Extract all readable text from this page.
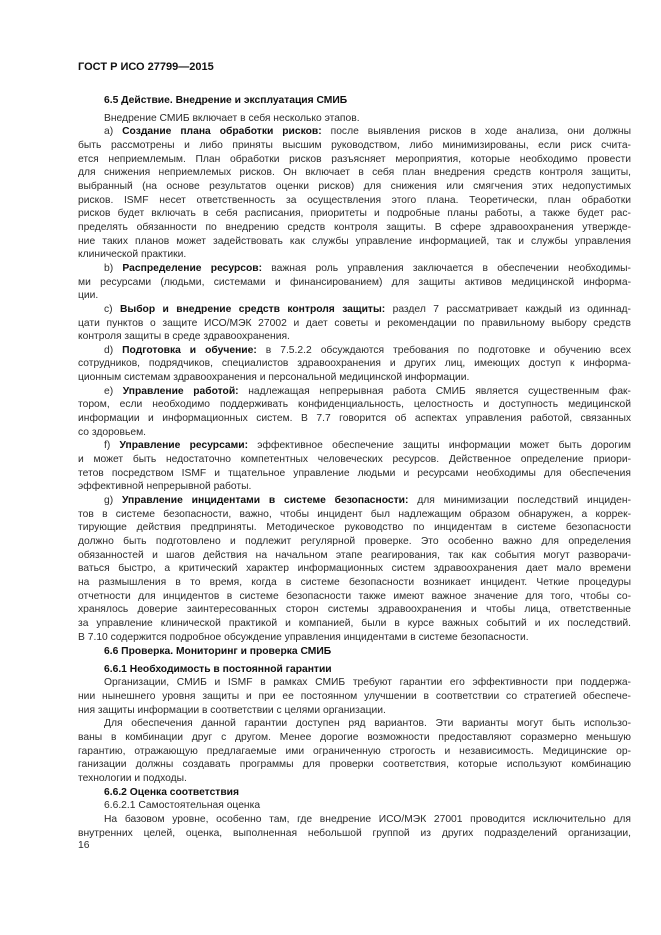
ГОСТ Р ИСО 27799—2015
6.5 Действие. Внедрение и эксплуатация СМИБ
Внедрение СМИБ включает в себя несколько этапов.
a) Создание плана обработки рисков: после выявления рисков в ходе анализа, они должны
быть рассмотрены и либо приняты высшим руководством, либо минимизированы, если риск счита-
ется неприемлемым. План обработки рисков разъясняет мероприятия, которые необходимо провести
для снижения неприемлемых рисков. Он включает в себя план внедрения средств контроля защиты,
выбранный (на основе результатов оценки рисков) для снижения или смягчения этих недопустимых
рисков. ISMF несет ответственность за осуществления этого плана. Теоретически, план обработки
рисков будет включать в себя расписания, приоритеты и подробные планы работы, а также будет рас-
пределять обязанности по внедрению средств контроля защиты. В сфере здравоохранения утвержде-
ние таких планов может задействовать как службы управление информацией, так и службы управления
клинической практики.
b) Распределение ресурсов: важная роль управления заключается в обеспечении необходимы-
ми ресурсами (людьми, системами и финансированием) для защиты активов медицинской информа-
ции.
c) Выбор и внедрение средств контроля защиты: раздел 7 рассматривает каждый из одиннад-
цати пунктов о защите ИСО/МЭК 27002 и дает советы и рекомендации по правильному выбору средств
контроля защиты в среде здравоохранения.
d) Подготовка и обучение: в 7.5.2.2 обсуждаются требования по подготовке и обучению всех
сотрудников, подрядчиков, специалистов здравоохранения и других лиц, имеющих доступ к информа-
ционным системам здравоохранения и персональной медицинской информации.
e) Управление работой: надлежащая непрерывная работа СМИБ является существенным фак-
тором, если необходимо поддерживать конфиденциальность, целостность и доступность медицинской
информации и информационных систем. В 7.7 говорится об аспектах управления работой, связанных
со здоровьем.
f) Управление ресурсами: эффективное обеспечение защиты информации может быть дорогим
и может быть недостаточно компетентных человеческих ресурсов. Действенное определение приори-
тетов посредством ISMF и тщательное управление людьми и ресурсами необходимы для обеспечения
эффективной непрерывной работы.
g) Управление инцидентами в системе безопасности: для минимизации последствий инциден-
тов в системе безопасности, важно, чтобы инцидент был надлежащим образом обнаружен, а коррек-
тирующие действия предприняты. Методическое руководство по инцидентам в системе безопасности
должно быть подготовлено и подлежит регулярной проверке. Это особенно важно для определения
обязанностей и шагов действия на начальном этапе реагирования, так как события могут разворачи-
ваться быстро, а критический характер информационных систем здравоохранения дает мало времени
на размышления в то время, когда в системе безопасности возникает инцидент. Четкие процедуры
отчетности для инцидентов в системе безопасности также имеют важное значение для того, чтобы со-
хранялось доверие заинтересованных сторон системы здравоохранения и чтобы лица, ответственные
за управление клинической практикой и компанией, были в курсе важных событий и их последствий.
В 7.10 содержится подробное обсуждение управления инцидентами в системе безопасности.
6.6 Проверка. Мониторинг и проверка СМИБ
6.6.1 Необходимость в постоянной гарантии
Организации, СМИБ и ISMF в рамках СМИБ требуют гарантии его эффективности при поддержа-
нии нынешнего уровня защиты и при ее постоянном улучшении в соответствии со стратегией обеспече-
ния защиты информации в соответствии с целями организации.
Для обеспечения данной гарантии доступен ряд вариантов. Эти варианты могут быть использо-
ваны в комбинации друг с другом. Менее дорогие возможности предоставляют соразмерно меньшую
гарантию, отражающую предлагаемые ими ограниченную строгость и независимость. Медицинские ор-
ганизации должны создавать программы для проверки соответствия, которые используют комбинацию
технологии и подходы.
6.6.2 Оценка соответствия
6.6.2.1 Самостоятельная оценка
На базовом уровне, особенно там, где внедрение ИСО/МЭК 27001 проводится исключительно для
внутренних целей, оценка, выполненная небольшой группой из других подразделений организации,
16
